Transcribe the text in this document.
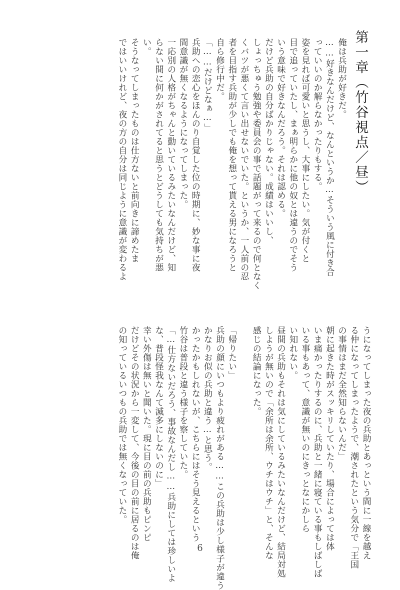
第一章（竹谷視点／昼）

俺は兵助が好きだ。
……好きなんだけど、なんというか…そういう風に付き合
っていいのか解らなかったりもする。
姿を見れば可愛いと思うし、大事にしたい。気が付くと
目で追っていたし、まぁ明らかに他の奴とは違うのでそう
いう意味で好きなんだろう。それは認める。
だけど兵助の自分ばかりじゃない。成績はいいし、
しょっちゅう勉強や委員会の事で話題がって来るので何となく
くバツが悪くて言い出せないでいた。というか、一人前の忍
者を目指す兵助が少しでも俺を想って貰える男になろうと
自ら修行中だ。
「……だけどなぁ…」
兵助への恋心をほんのり自覚した位の時期に、妙な事に夜
間意識が無くなるようになってしまった。
一応別の人格がちゃんと動いているみたいなんだけど、知
らない間に何かがされてると思うとどうしても気持ちが悪
い。
そうなってしまったものは仕方ないと前向きに諦めたま
ではいいけれど、夜の方の自分は同じように意識が変わるよ
うになってしまった夜の兵助とあっという間に一線を越え
る仲になってしまったようで、潮されたという気分で「王国
の事情はまだ全然知らないんだ」
朝に起きた時がスッキリしていたり、場合によっては体
いま痛かったりするのに、兵助と一緒に寝ている事もしばしば
いる事もあって、意識が無いのにきっとなにかしら
い知れない。
昼間の兵助もそれは気にしているみたいなんだけど、結局対処
しようが無いので「余所は余所、ウチはウチ」と、そんな
感じの結論になった。

「帰りたい」
兵助の顔にいつもより疲れがある……この兵助は少し様子が違う
かなりお似の兵助と違う…と思う。
かったかもしれないが、こちらにはそう見えるという
竹谷は普段と違う様子を察していた。
「…仕方ないだろう、事故なんだし……兵助にしては珍しいよ
な、普段怪我なんて滅多にしないのに」
幸い外傷は無いと聞いた。現に目の前の兵助もピンピ
だけどその状況から一変して、今後の目の前に居るのは俺
の知っているいつもの兵助では無くなっていた。
6
